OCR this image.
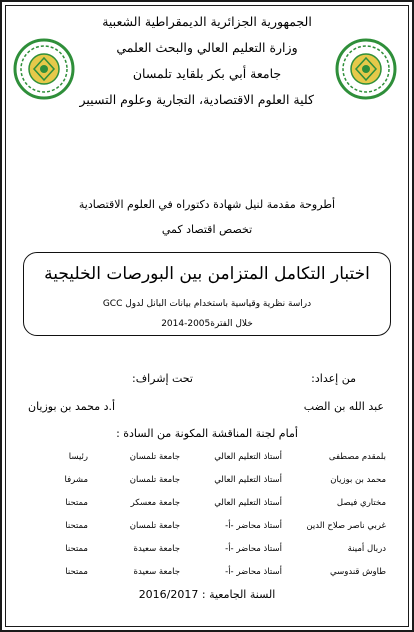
الجمهورية الجزائرية الديمقراطية الشعبية
وزارة التعليم العالي والبحث العلمي
جامعة أبي بكر بلقايد تلمسان
كلية العلوم الاقتصادية، التجارية وعلوم التسيير
أطروحة مقدمة لنيل شهادة دكتوراه في العلوم الاقتصادية
تخصص اقتصاد كمي
اختبار التكامل المتزامن بين البورصات الخليجية
دراسة نظرية وقياسية باستخدام بيانات البانل لدول GCC
خلال الفترة2005-2014
من إعداد:
تحت إشراف:
عبد الله بن الضب
أ.د محمد بن بوزيان
أمام لجنة المناقشة المكونة من السادة :
بلمقدم مصطفى
أستاذ التعليم العالي
جامعة تلمسان
رئيسا
محمد بن بوزيان
أستاذ التعليم العالي
جامعة تلمسان
مشرفا
مختاري فيصل
أستاذ التعليم العالي
جامعة معسكر
ممتحنا
غربي ناصر صلاح الدين
أستاذ محاضر -أ-
جامعة تلمسان
ممتحنا
دربال أمينة
أستاذ محاضر -أ-
جامعة سعيدة
ممتحنا
طاوش قندوسي
أستاذ محاضر -أ-
جامعة سعيدة
ممتحنا
السنة الجامعية : 2016/2017
